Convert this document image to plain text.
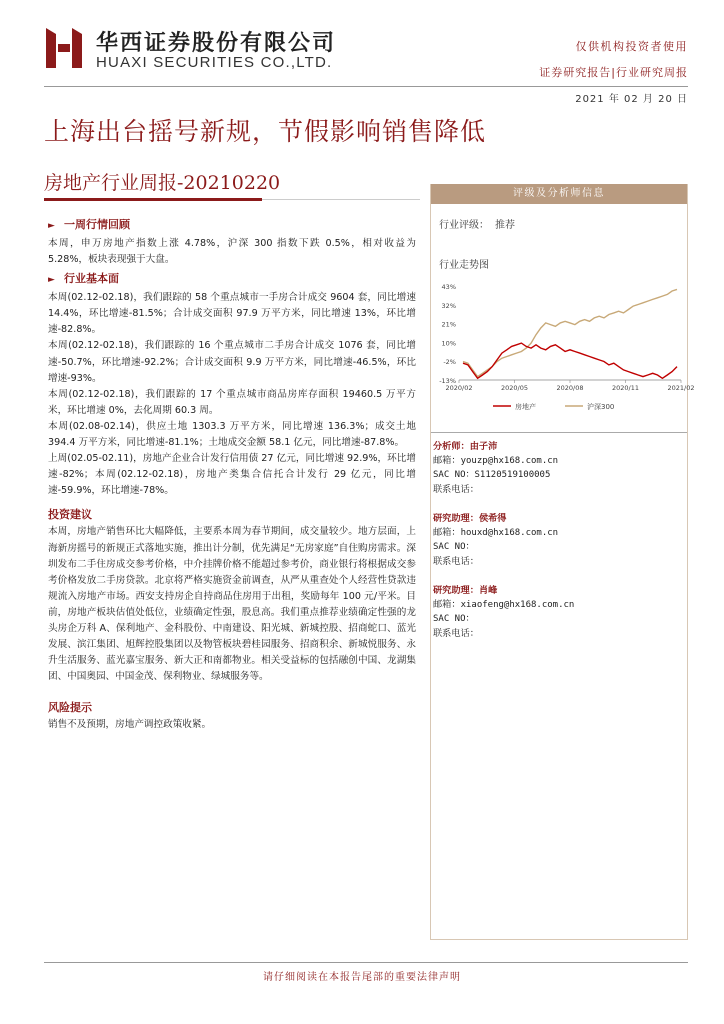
华西证券股份有限公司
HUAXI SECURITIES CO.,LTD.
仅供机构投资者使用
证券研究报告|行业研究周报
2021 年 02 月 20 日
上海出台摇号新规，节假影响销售降低
房地产行业周报-20210220
► 一周行情回顾
本周，申万房地产指数上涨 4.78%，沪深 300 指数下跌 0.5%，相对收益为 5.28%，板块表现强于大盘。
► 行业基本面
本周(02.12-02.18)，我们跟踪的 58 个重点城市一手房合计成交 9604 套，同比增速 14.4%，环比增速-81.5%；合计成交面积 97.9 万平方米，同比增速 13%，环比增速-82.8%。
本周(02.12-02.18)，我们跟踪的 16 个重点城市二手房合计成交 1076 套，同比增速-50.7%，环比增速-92.2%；合计成交面积 9.9 万平方米，同比增速-46.5%，环比增速-93%。
本周(02.12-02.18)，我们跟踪的 17 个重点城市商品房库存面积 19460.5 万平方米，环比增速 0%，去化周期 60.3 周。
本周(02.08-02.14)，供应土地 1303.3 万平方米，同比增速 136.3%；成交土地 394.4 万平方米，同比增速-81.1%；土地成交金额 58.1 亿元，同比增速-87.8%。
上周(02.05-02.11)，房地产企业合计发行信用债 27 亿元，同比增速 92.9%，环比增速-82%；本周(02.12-02.18)，房地产类集合信托合计发行 29 亿元，同比增速-59.9%，环比增速-78%。
投资建议
本周，房地产销售环比大幅降低，主要系本周为春节期间，成交量较少。地方层面，上海新房摇号的新规正式落地实施，推出计分制，优先满足“无房家庭”自住购房需求。深圳发布二手住房成交参考价格，中介挂牌价格不能超过参考价，商业银行将根据成交参考价格发放二手房贷款。北京将严格实施资金前调查，从严从重查处个人经营性贷款违规流入房地产市场。西安支持房企自持商品住房用于出租，奖励每年 100 元/平米。目前，房地产板块估值处低位，业绩确定性强，股息高。我们重点推荐业绩确定性强的龙头房企万科 A、保利地产、金科股份、中南建设、阳光城、新城控股、招商蛇口、蓝光发展、滨江集团、旭辉控股集团以及物管板块碧桂园服务、招商积余、新城悦服务、永升生活服务、蓝光嘉宝服务、新大正和南都物业。相关受益标的包括融创中国、龙湖集团、中国奥园、中国金茂、保利物业、绿城服务等。
风险提示
销售不及预期，房地产调控政策收紧。
评级及分析师信息
行业评级： 推荐
行业走势图
43%
32%
21%
10%
-2%
-13%
2020/02	2020/05	2020/08	2020/11	2021/02
房地产	沪深300
分析师：由子沛
邮箱：youzp@hx168.com.cn
SAC NO：S1120519100005
联系电话：
研究助理：侯希得
邮箱：houxd@hx168.com.cn
SAC NO：
联系电话：
研究助理：肖峰
邮箱：xiaofeng@hx168.com.cn
SAC NO：
联系电话：
请仔细阅读在本报告尾部的重要法律声明
